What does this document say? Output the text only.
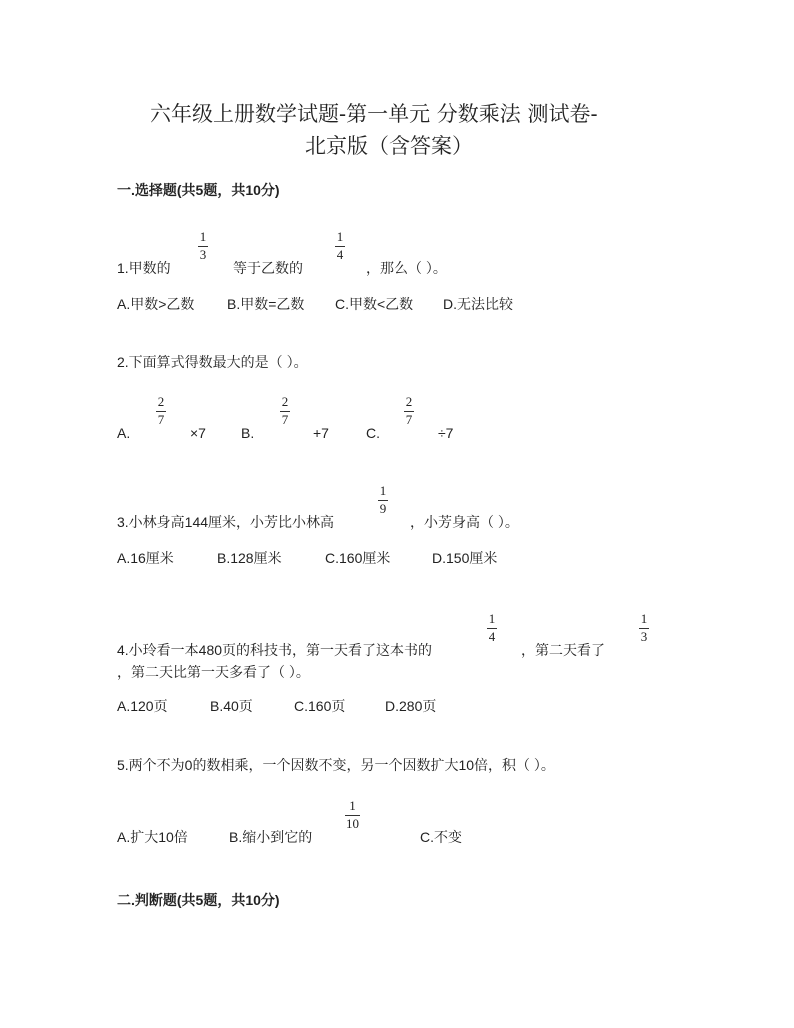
六年级上册数学试题-第一单元 分数乘法 测试卷-
北京版（含答案）
一.选择题(共5题，共10分)
1.甲数的
1
3
等于乙数的
1
4
，那么（ ）。
A.甲数>乙数 B.甲数=乙数 C.甲数<乙数 D.无法比较
2.下面算式得数最大的是（ ）。
A.
2
7
×7	B.
2
7
+7	C.
2
7
÷7
3.小林身高144厘米，小芳比小林高
1
9
，小芳身高（ ）。
A.16厘米	B.128厘米	C.160厘米	D.150厘米
4.小玲看一本480页的科技书，第一天看了这本书的
1
4
，第二天看了
1
3
，第二天比第一天多看了（ ）。
A.120页	B.40页	C.160页	D.280页
5.两个不为0的数相乘，一个因数不变，另一个因数扩大10倍，积（ ）。
A.扩大10倍	B.缩小到它的
1
10
C.不变
二.判断题(共5题，共10分)
